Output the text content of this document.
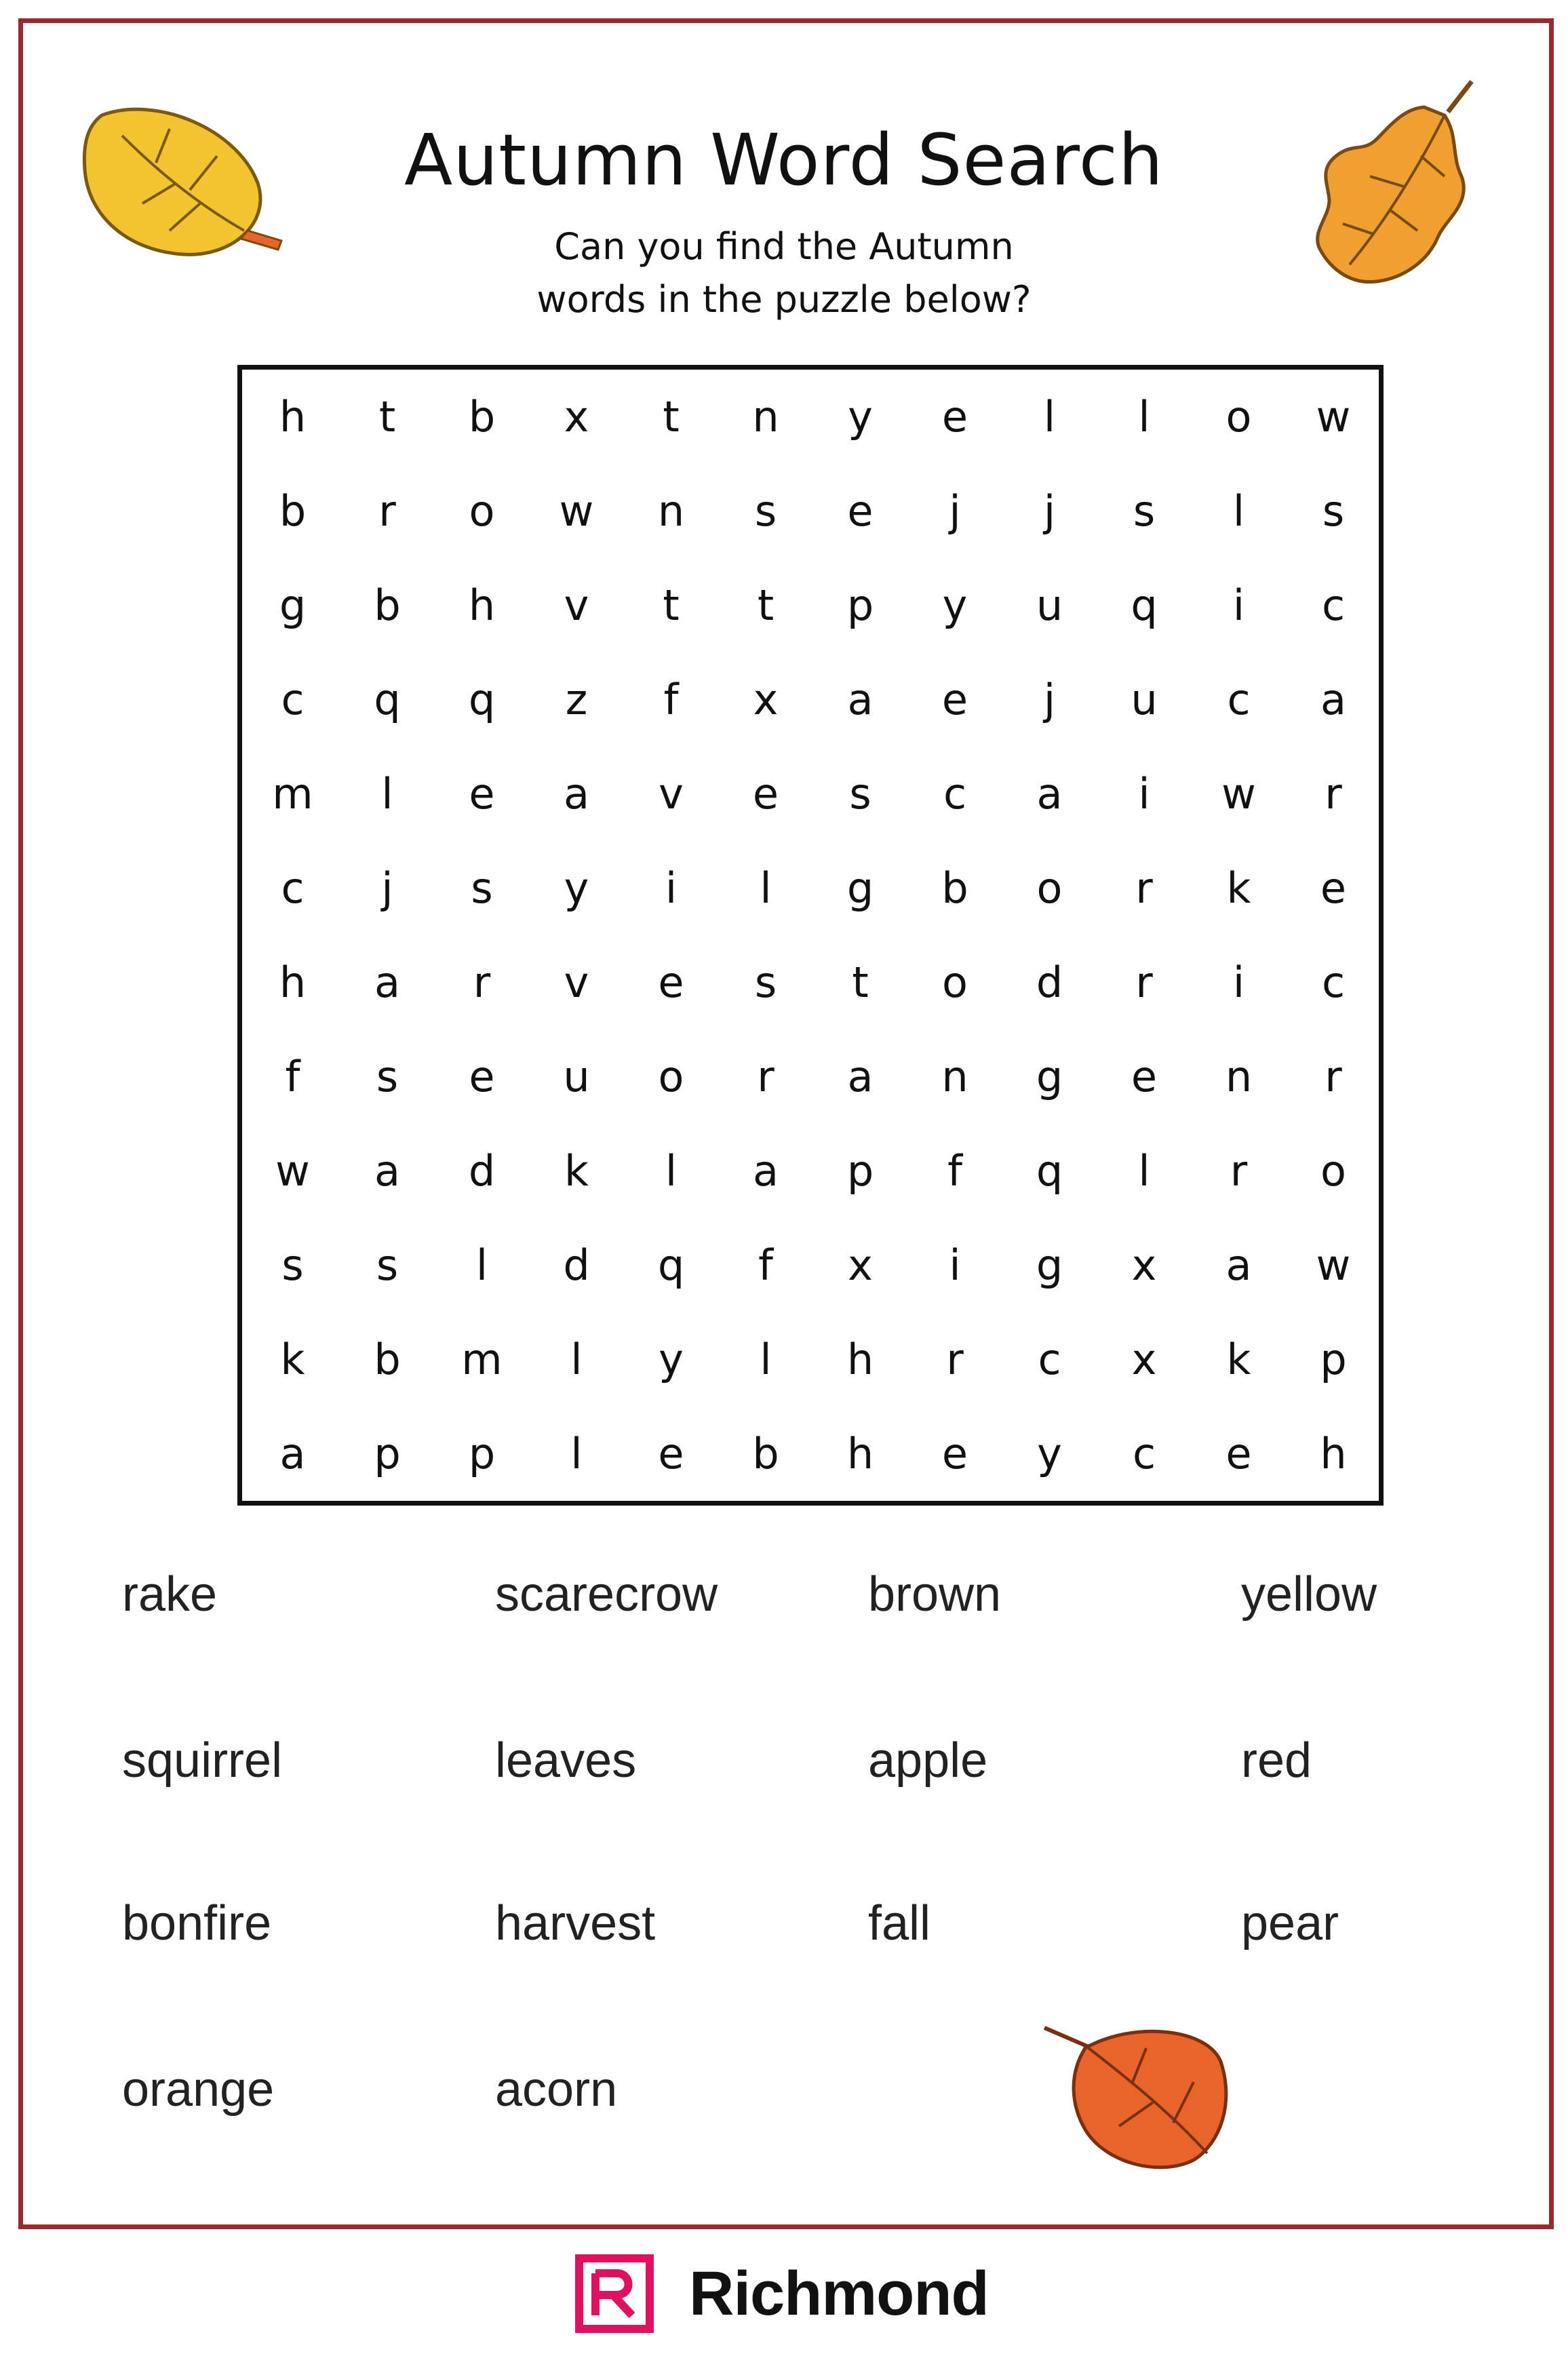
Autumn Word Search
Can you find the Autumn
words in the puzzle below?
h	t	b	x	t	n	y	e	l	l	o	w
b	r	o	w	n	s	e	j	j	s	l	s
g	b	h	v	t	t	p	y	u	q	i	c
c	q	q	z	f	x	a	e	j	u	c	a
m	l	e	a	v	e	s	c	a	i	w	r
c	j	s	y	i	l	g	b	o	r	k	e
h	a	r	v	e	s	t	o	d	r	i	c
f	s	e	u	o	r	a	n	g	e	n	r
w	a	d	k	l	a	p	f	q	l	r	o
s	s	l	d	q	f	x	i	g	x	a	w
k	b	m	l	y	l	h	r	c	x	k	p
a	p	p	l	e	b	h	e	y	c	e	h
rake	scarecrow	brown	yellow
squirrel	leaves	apple	red
bonfire	harvest	fall	pear
orange	acorn
Richmond
